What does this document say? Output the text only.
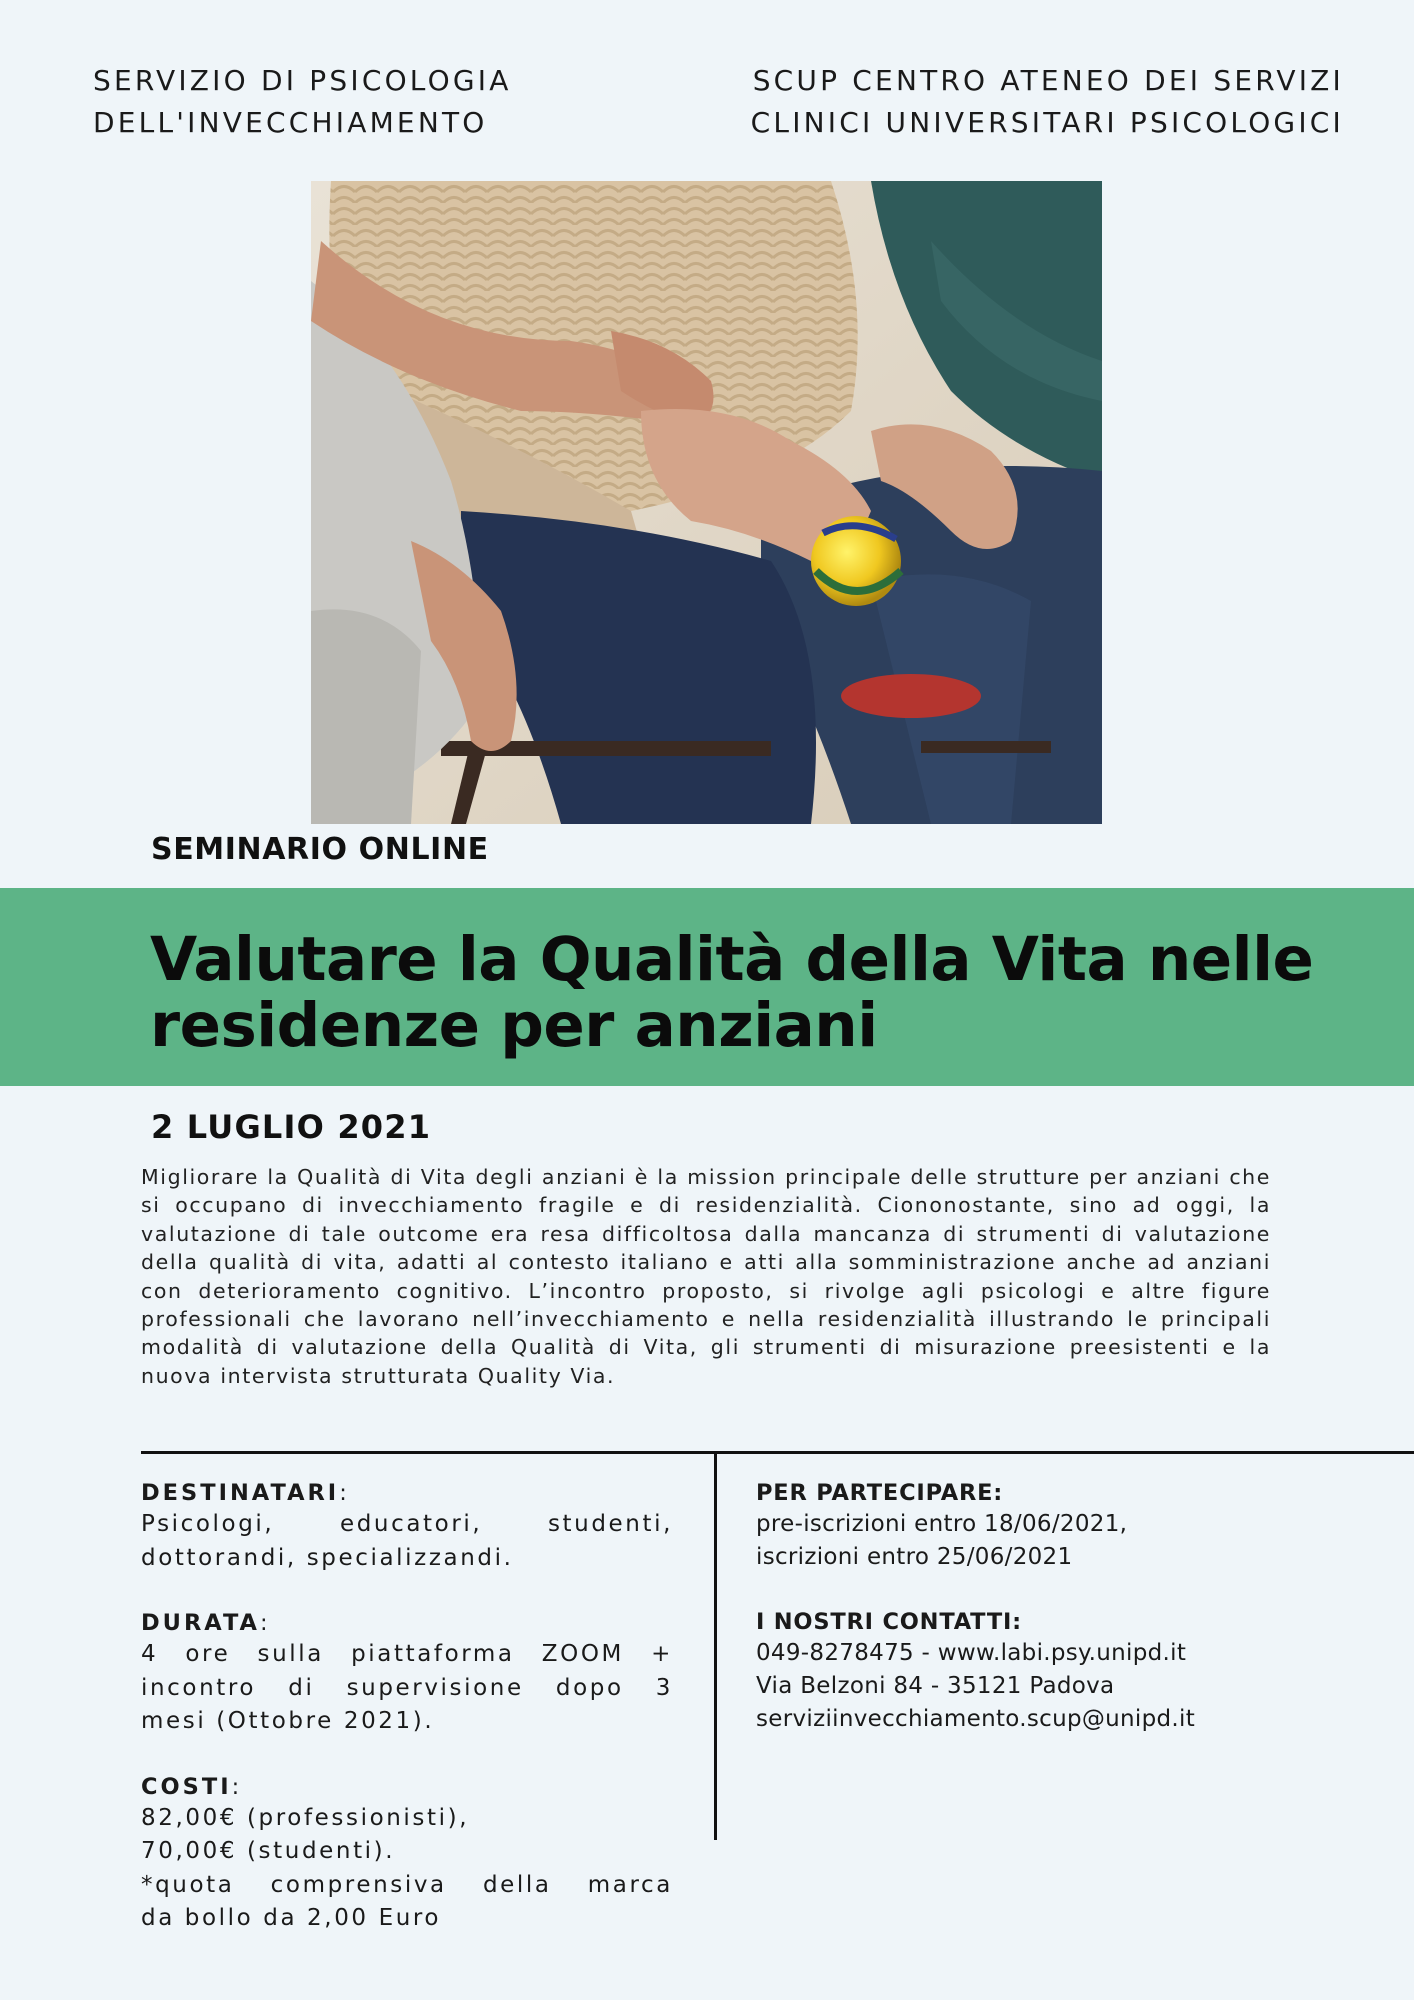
SERVIZIO DI PSICOLOGIA
DELL'INVECCHIAMENTO
SCUP CENTRO ATENEO DEI SERVIZI
CLINICI UNIVERSITARI PSICOLOGICI
SEMINARIO ONLINE
Valutare la Qualità della Vita nelle
residenze per anziani
2 LUGLIO 2021
Migliorare la Qualità di Vita degli anziani è la mission principale delle strutture per anziani che si occupano di invecchiamento fragile e di residenzialità. Ciononostante, sino ad oggi, la valutazione di tale outcome era resa difficoltosa dalla mancanza di strumenti di valutazione della qualità di vita, adatti al contesto italiano e atti alla somministrazione anche ad anziani con deterioramento cognitivo. L’incontro proposto, si rivolge agli psicologi e altre figure professionali che lavorano nell’invecchiamento e nella residenzialità illustrando le principali modalità di valutazione della Qualità di Vita, gli strumenti di misurazione preesistenti e la nuova intervista strutturata Quality Via.
DESTINATARI:
Psicologi, educatori, studenti,
dottorandi, specializzandi.
DURATA:
4 ore sulla piattaforma ZOOM +
incontro di supervisione dopo 3
mesi (Ottobre 2021).
COSTI:
82,00€ (professionisti),
70,00€ (studenti).
*quota comprensiva della marca
da bollo da 2,00 Euro
PER PARTECIPARE:
pre-iscrizioni entro 18/06/2021,
iscrizioni entro 25/06/2021
I NOSTRI CONTATTI:
049-8278475 - www.labi.psy.unipd.it
Via Belzoni 84 - 35121 Padova
serviziinvecchiamento.scup@unipd.it
